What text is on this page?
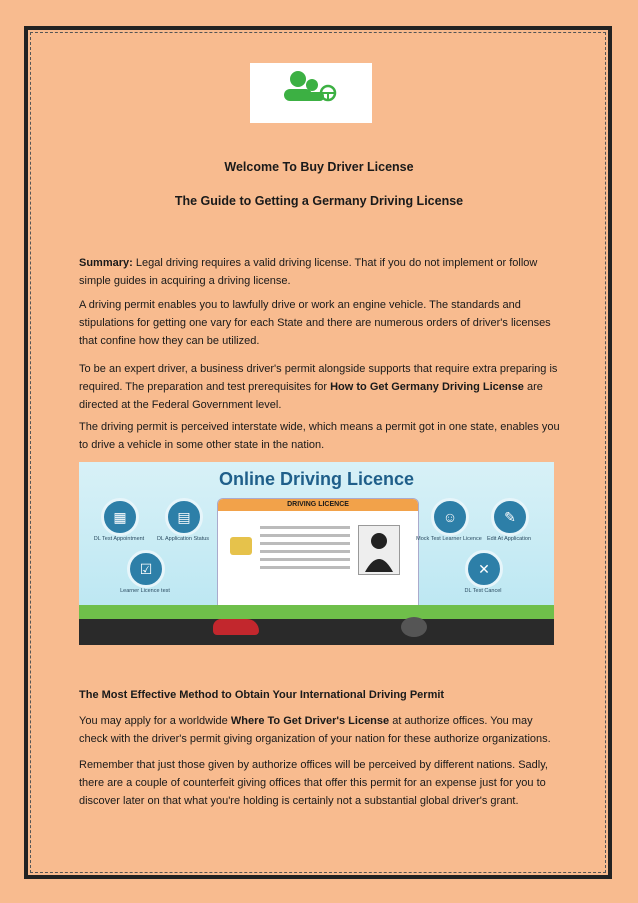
Welcome To Buy Driver License
The Guide to Getting a Germany Driving License
Summary: Legal driving requires a valid driving license. That if you do not implement or follow simple guides in acquiring a driving license.
A driving permit enables you to lawfully drive or work an engine vehicle. The standards and stipulations for getting one vary for each State and there are numerous orders of driver's licenses that confine how they can be utilized.
To be an expert driver, a business driver's permit alongside supports that require extra preparing is required. The preparation and test prerequisites for How to Get Germany Driving License are directed at the Federal Government level.
The driving permit is perceived interstate wide, which means a permit got in one state, enables you to drive a vehicle in some other state in the nation.
Online Driving Licence
▦
DL Test Appointment
▤
DL Application Status
☑
Learner Licence test
DRIVING LICENCE
☺
Mock Test Learner Licence
✎
Edit At Application
✕
DL Test Cancel
The Most Effective Method to Obtain Your International Driving Permit
You may apply for a worldwide Where To Get Driver's License at authorize offices. You may check with the driver's permit giving organization of your nation for these authorize organizations.
Remember that just those given by authorize offices will be perceived by different nations. Sadly, there are a couple of counterfeit giving offices that offer this permit for an expense just for you to discover later on that what you're holding is certainly not a substantial global driver's grant.
